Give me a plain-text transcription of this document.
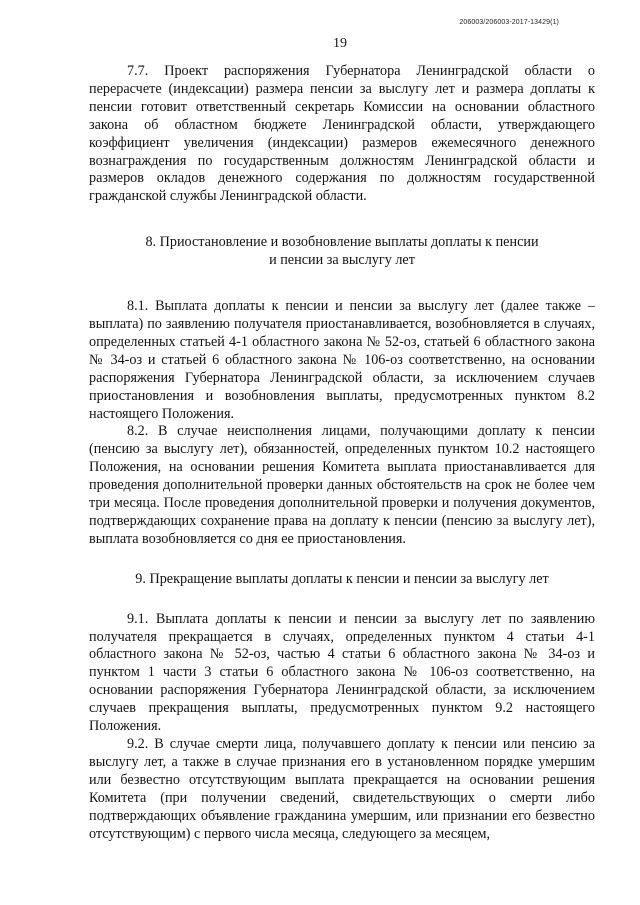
206003/206003-2017-13429(1)
19

7.7. Проект распоряжения Губернатора Ленинградской области о перерасчете (индексации) размера пенсии за выслугу лет и размера доплаты к пенсии готовит ответственный секретарь Комиссии на основании областного закона об областном бюджете Ленинградской области, утверждающего коэффициент увеличения (индексации) размеров ежемесячного денежного вознаграждения по государственным должностям Ленинградской области и размеров окладов денежного содержания по должностям государственной гражданской службы Ленинградской области.

8. Приостановление и возобновление выплаты доплаты к пенсии
и пенсии за выслугу лет

8.1. Выплата доплаты к пенсии и пенсии за выслугу лет (далее также – выплата) по заявлению получателя приостанавливается, возобновляется в случаях, определенных статьей 4-1 областного закона № 52-оз, статьей 6 областного закона № 34-оз и статьей 6 областного закона № 106-оз соответственно, на основании распоряжения Губернатора Ленинградской области, за исключением случаев приостановления и возобновления выплаты, предусмотренных пунктом 8.2 настоящего Положения.

8.2. В случае неисполнения лицами, получающими доплату к пенсии (пенсию за выслугу лет), обязанностей, определенных пунктом 10.2 настоящего Положения, на основании решения Комитета выплата приостанавливается для проведения дополнительной проверки данных обстоятельств на срок не более чем три месяца. После проведения дополнительной проверки и получения документов, подтверждающих сохранение права на доплату к пенсии (пенсию за выслугу лет), выплата возобновляется со дня ее приостановления.

9. Прекращение выплаты доплаты к пенсии и пенсии за выслугу лет

9.1. Выплата доплаты к пенсии и пенсии за выслугу лет по заявлению получателя прекращается в случаях, определенных пунктом 4 статьи 4-1 областного закона № 52-оз, частью 4 статьи 6 областного закона № 34-оз и пунктом 1 части 3 статьи 6 областного закона № 106-оз соответственно, на основании распоряжения Губернатора Ленинградской области, за исключением случаев прекращения выплаты, предусмотренных пунктом 9.2 настоящего Положения.

9.2. В случае смерти лица, получавшего доплату к пенсии или пенсию за выслугу лет, а также в случае признания его в установленном порядке умершим или безвестно отсутствующим выплата прекращается на основании решения Комитета (при получении сведений, свидетельствующих о смерти либо подтверждающих объявление гражданина умершим, или признании его безвестно отсутствующим) с первого числа месяца, следующего за месяцем,
